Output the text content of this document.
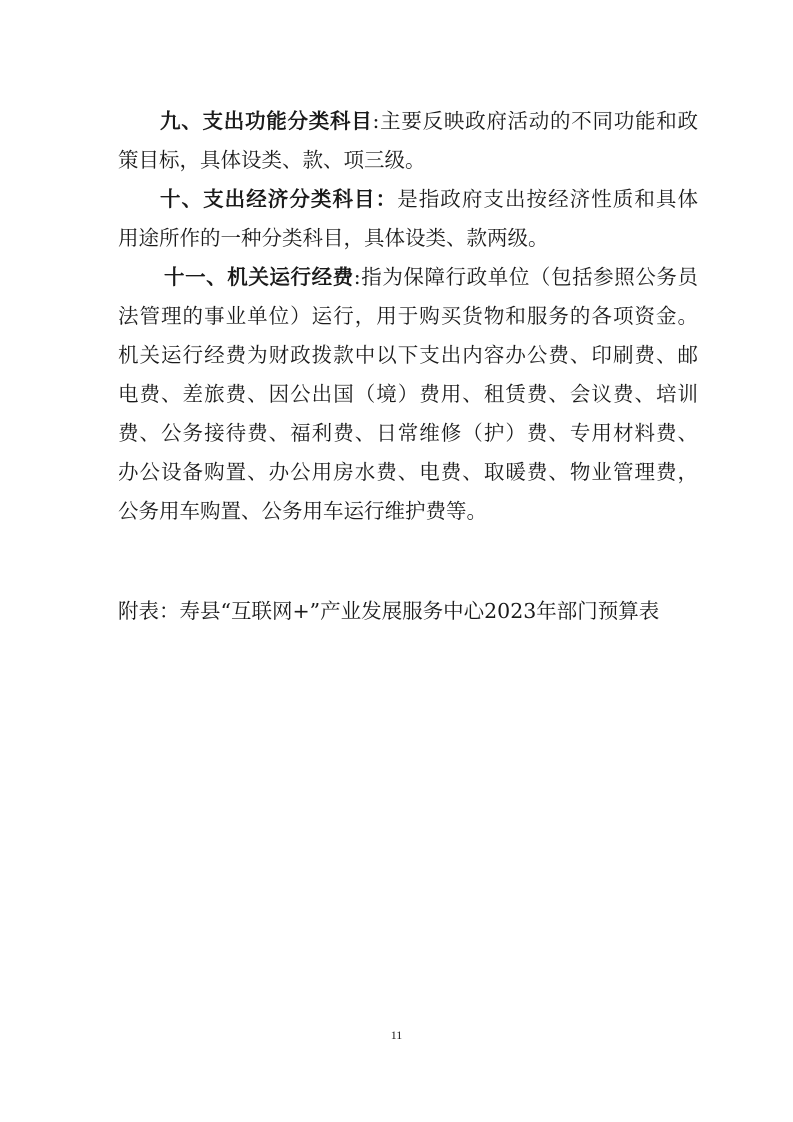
九、支出功能分类科目:主要反映政府活动的不同功能和政
策目标，具体设类、款、项三级。
十、支出经济分类科目：是指政府支出按经济性质和具体
用途所作的一种分类科目，具体设类、款两级。
十一、机关运行经费:指为保障行政单位（包括参照公务员
法管理的事业单位）运行，用于购买货物和服务的各项资金。
机关运行经费为财政拨款中以下支出内容办公费、印刷费、邮
电费、差旅费、因公出国（境）费用、租赁费、会议费、培训
费、公务接待费、福利费、日常维修（护）费、专用材料费、
办公设备购置、办公用房水费、电费、取暖费、物业管理费，
公务用车购置、公务用车运行维护费等。
附表：寿县“互联网+”产业发展服务中心2023年部门预算表
11
